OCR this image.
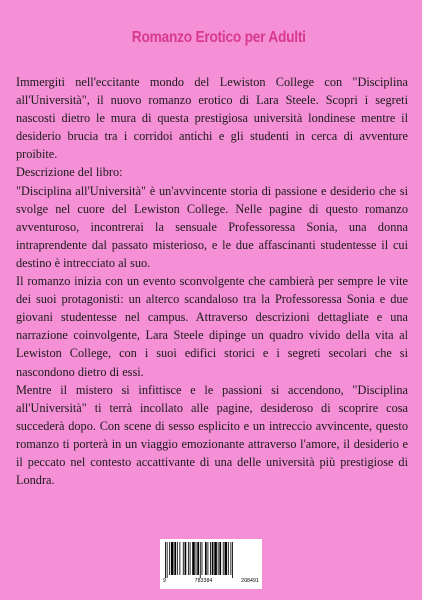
Romanzo Erotico per Adulti

Immergiti nell'eccitante mondo del Lewiston College con "Disciplina all'Università", il nuovo romanzo erotico di Lara Steele. Scopri i segreti nascosti dietro le mura di questa prestigiosa università londinese mentre il desiderio brucia tra i corridoi antichi e gli studenti in cerca di avventure proibite.

Descrizione del libro:

"Disciplina all'Università" è un'avvincente storia di passione e desiderio che si svolge nel cuore del Lewiston College. Nelle pagine di questo romanzo avventuroso, incontrerai la sensuale Professoressa Sonia, una donna intraprendente dal passato misterioso, e le due affascinanti studentesse il cui destino è intrecciato al suo.

Il romanzo inizia con un evento sconvolgente che cambierà per sempre le vite dei suoi protagonisti: un alterco scandaloso tra la Professoressa Sonia e due giovani studentesse nel campus. Attraverso descrizioni dettagliate e una narrazione coinvolgente, Lara Steele dipinge un quadro vivido della vita al Lewiston College, con i suoi edifici storici e i segreti secolari che si nascondono dietro di essi.

Mentre il mistero si infittisce e le passioni si accendono, "Disciplina all'Università" ti terrà incollato alle pagine, desideroso di scoprire cosa succederà dopo. Con scene di sesso esplicito e un intreccio avvincente, questo romanzo ti porterà in un viaggio emozionante attraverso l'amore, il desiderio e il peccato nel contesto accattivante di una delle università più prestigiose di Londra.

9	783384	208491
